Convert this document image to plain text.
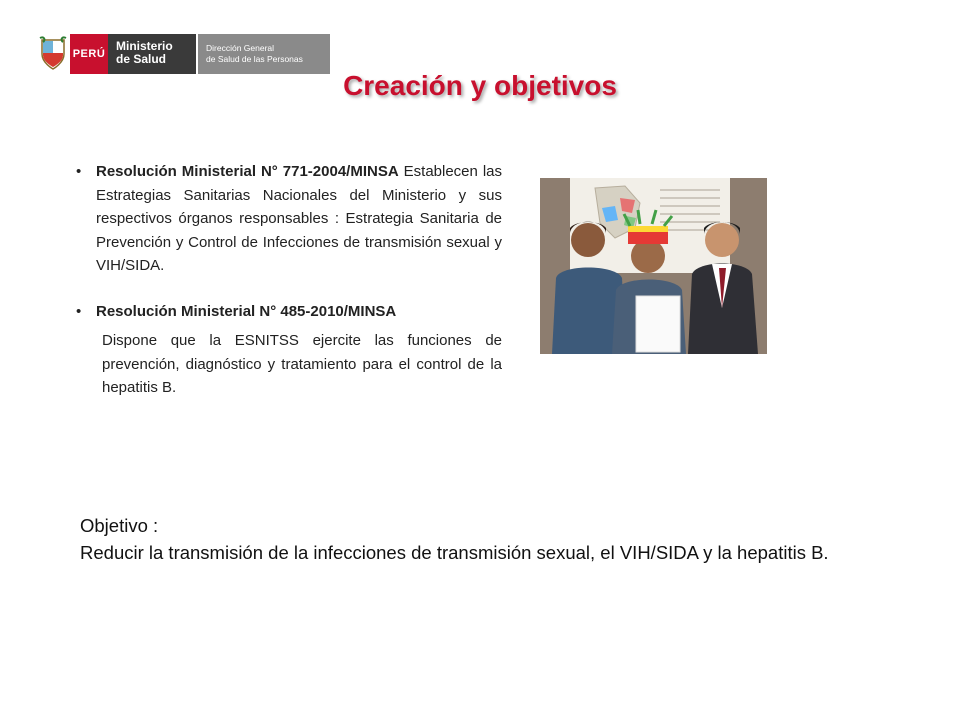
PERÚ
Ministerio
de Salud
Dirección General
de Salud de las Personas
Creación y objetivos
• Resolución Ministerial N° 771-2004/MINSA Establecen las Estrategias Sanitarias Nacionales del Ministerio y sus respectivos órganos responsables : Estrategia Sanitaria de Prevención y Control de Infecciones de transmisión sexual y VIH/SIDA.
• Resolución Ministerial N° 485-2010/MINSA
Dispone que la ESNITSS ejercite las funciones de prevención, diagnóstico y tratamiento para el control de la hepatitis B.
Objetivo :
Reducir la transmisión de la infecciones de transmisión sexual, el VIH/SIDA y la hepatitis B.
